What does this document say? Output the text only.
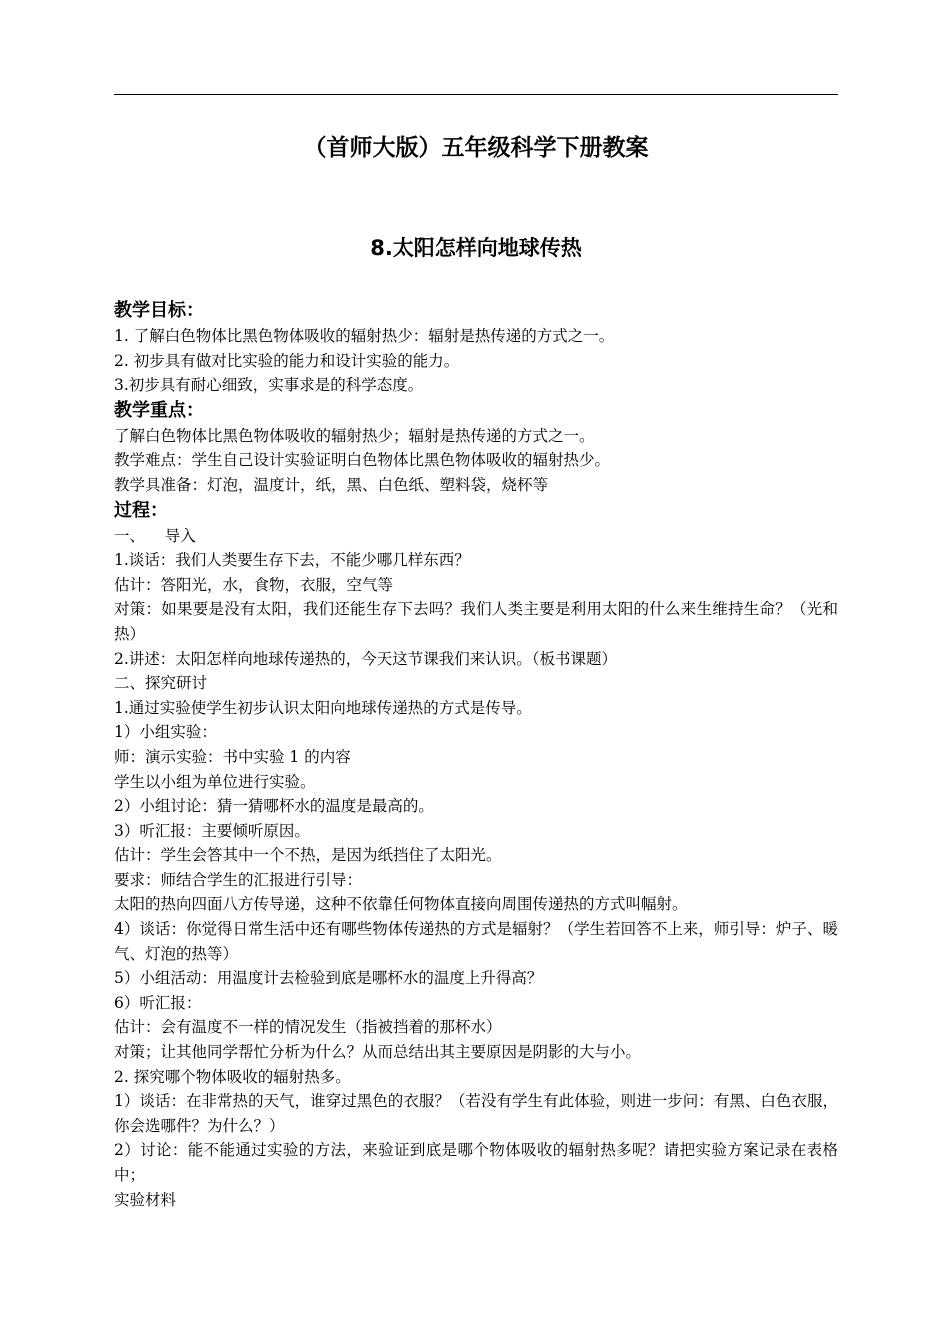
（首师大版）五年级科学下册教案
8.太阳怎样向地球传热
教学目标：

1. 了解白色物体比黑色物体吸收的辐射热少：辐射是热传递的方式之一。

2. 初步具有做对比实验的能力和设计实验的能力。

3.初步具有耐心细致，实事求是的科学态度。

教学重点：

了解白色物体比黑色物体吸收的辐射热少；辐射是热传递的方式之一。

教学难点：学生自己设计实验证明白色物体比黑色物体吸收的辐射热少。

教学具准备：灯泡，温度计，纸，黑、白色纸、塑料袋，烧杯等

过程：

一、    导入

1.谈话：我们人类要生存下去，不能少哪几样东西？

估计：答阳光，水，食物，衣服，空气等

对策：如果要是没有太阳，我们还能生存下去吗？我们人类主要是利用太阳的什么来生维持生命？（光和热）

2.讲述：太阳怎样向地球传递热的，今天这节课我们来认识。（板书课题）

二、探究研讨

1.通过实验使学生初步认识太阳向地球传递热的方式是传导。

1）小组实验：

师：演示实验：书中实验 1 的内容

学生以小组为单位进行实验。

2）小组讨论：猜一猜哪杯水的温度是最高的。

3）听汇报：主要倾听原因。

估计：学生会答其中一个不热，是因为纸挡住了太阳光。

要求：师结合学生的汇报进行引导：

太阳的热向四面八方传导递，这种不依靠任何物体直接向周围传递热的方式叫幅射。

4）谈话：你觉得日常生活中还有哪些物体传递热的方式是辐射？（学生若回答不上来，师引导：炉子、暖气、灯泡的热等）

5）小组活动：用温度计去检验到底是哪杯水的温度上升得高？

6）听汇报：

估计：会有温度不一样的情况发生（指被挡着的那杯水）

对策；让其他同学帮忙分析为什么？从而总结出其主要原因是阴影的大与小。

2. 探究哪个物体吸收的辐射热多。

1）谈话：在非常热的天气，谁穿过黑色的衣服？（若没有学生有此体验，则进一步问：有黑、白色衣服，你会选哪件？为什么？）

2）讨论：能不能通过实验的方法，来验证到底是哪个物体吸收的辐射热多呢？请把实验方案记录在表格中；

实验材料
